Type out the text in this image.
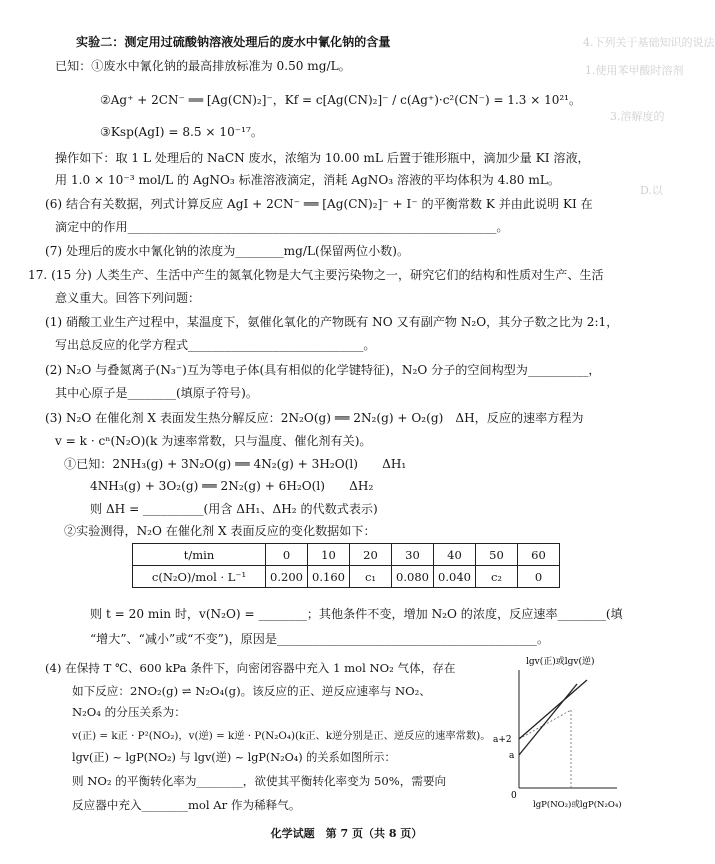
4.下列关于基础知识的说法
1.使用苯甲酸时溶剂
3.溶解度的
D.以
实验二：测定用过硫酸钠溶液处理后的废水中氰化钠的含量
已知：①废水中氰化钠的最高排放标准为 0.50 mg/L。
②Ag⁺ + 2CN⁻ ══ [Ag(CN)₂]⁻，Kf = c[Ag(CN)₂]⁻ / c(Ag⁺)·c²(CN⁻) = 1.3 × 10²¹。
③Ksp(AgI) = 8.5 × 10⁻¹⁷。
操作如下：取 1 L 处理后的 NaCN 废水，浓缩为 10.00 mL 后置于锥形瓶中，滴加少量 KI 溶液，
用 1.0 × 10⁻³ mol/L 的 AgNO₃ 标准溶液滴定，消耗 AgNO₃ 溶液的平均体积为 4.80 mL。
(6) 结合有关数据，列式计算反应 AgI + 2CN⁻ ══ [Ag(CN)₂]⁻ + I⁻ 的平衡常数 K 并由此说明 KI 在
滴定中的作用_____________________________________________________________。
(7) 处理后的废水中氰化钠的浓度为________mg/L(保留两位小数)。
17. (15 分) 人类生产、生活中产生的氮氧化物是大气主要污染物之一，研究它们的结构和性质对生产、生活
意义重大。回答下列问题：
(1) 硝酸工业生产过程中，某温度下，氨催化氧化的产物既有 NO 又有副产物 N₂O，其分子数之比为 2:1，
写出总反应的化学方程式_____________________________。
(2) N₂O 与叠氮离子(N₃⁻)互为等电子体(具有相似的化学键特征)，N₂O 分子的空间构型为__________，
其中心原子是________(填原子符号)。
(3) N₂O 在催化剂 X 表面发生热分解反应：2N₂O(g) ══ 2N₂(g) + O₂(g)　ΔH，反应的速率方程为
v = k · cⁿ(N₂O)(k 为速率常数，只与温度、催化剂有关)。
①已知：2NH₃(g) + 3N₂O(g) ══ 4N₂(g) + 3H₂O(l)　　ΔH₁
4NH₃(g) + 3O₂(g) ══ 2N₂(g) + 6H₂O(l)　　ΔH₂
则 ΔH = __________(用含 ΔH₁、ΔH₂ 的代数式表示)
②实验测得，N₂O 在催化剂 X 表面反应的变化数据如下：
t/min	0	10	20	30	40	50	60
c(N₂O)/mol · L⁻¹	0.200	0.160	c₁	0.080	0.040	c₂	0
则 t = 20 min 时，v(N₂O) = ________；其他条件不变，增加 N₂O 的浓度，反应速率________(填
“增大”、“减小”或“不变”)，原因是___________________________________________。
(4) 在保持 T ℃、600 kPa 条件下，向密闭容器中充入 1 mol NO₂ 气体，存在
如下反应：2NO₂(g) ⇌ N₂O₄(g)。该反应的正、逆反应速率与 NO₂、
N₂O₄ 的分压关系为：
v(正) = k正 · P²(NO₂)，v(逆) = k逆 · P(N₂O₄)(k正、k逆分别是正、逆反应的速率常数)。
lgv(正) ~ lgP(NO₂) 与 lgv(逆) ~ lgP(N₂O₄) 的关系如图所示：
则 NO₂ 的平衡转化率为________，欲使其平衡转化率变为 50%，需要向
反应器中充入________mol Ar 作为稀释气。
lgv(正)或lgv(逆)
a+2
a
0
lgP(NO₂)或lgP(N₂O₄)
化学试题　第 7 页（共 8 页）
